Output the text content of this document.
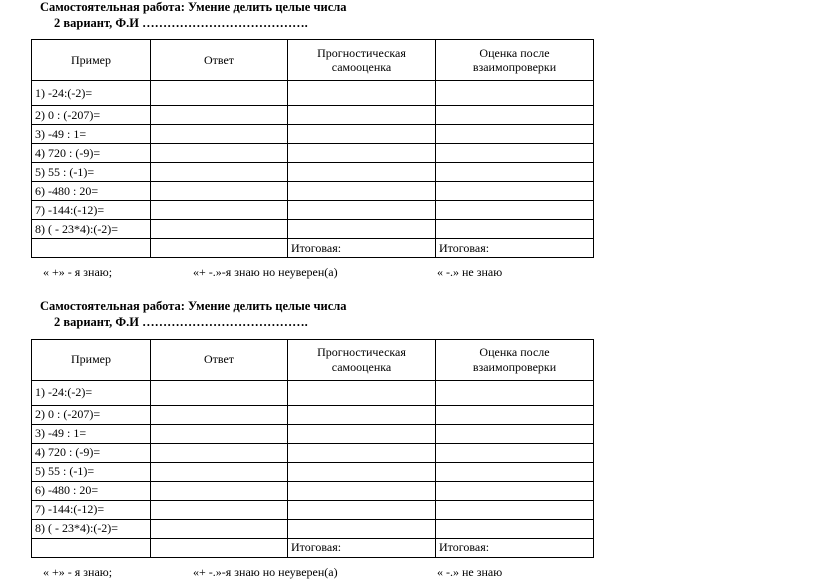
Самостоятельная работа: Умение делить целые числа
2 вариант, Ф.И ………………………………….
Пример	Ответ	Прогностическая самооценка	Оценка после взаимопроверки
1) -24:(-2)=			
2) 0 : (-207)=			
3) -49 : 1=			
4) 720 : (-9)=			
5) 55 : (-1)=			
6) -480 : 20=			
7) -144:(-12)=			
8) ( - 23*4):(-2)=			
		Итоговая:	Итоговая:
« +» - я знаю;	«+ -.»-я знаю но неуверен(а)	« -.» не знаю
Самостоятельная работа: Умение делить целые числа
2 вариант, Ф.И ………………………………….
Пример	Ответ	Прогностическая самооценка	Оценка после взаимопроверки
1) -24:(-2)=			
2) 0 : (-207)=			
3) -49 : 1=			
4) 720 : (-9)=			
5) 55 : (-1)=			
6) -480 : 20=			
7) -144:(-12)=			
8) ( - 23*4):(-2)=			
		Итоговая:	Итоговая:
« +» - я знаю;	«+ -.»-я знаю но неуверен(а)	« -.» не знаю
